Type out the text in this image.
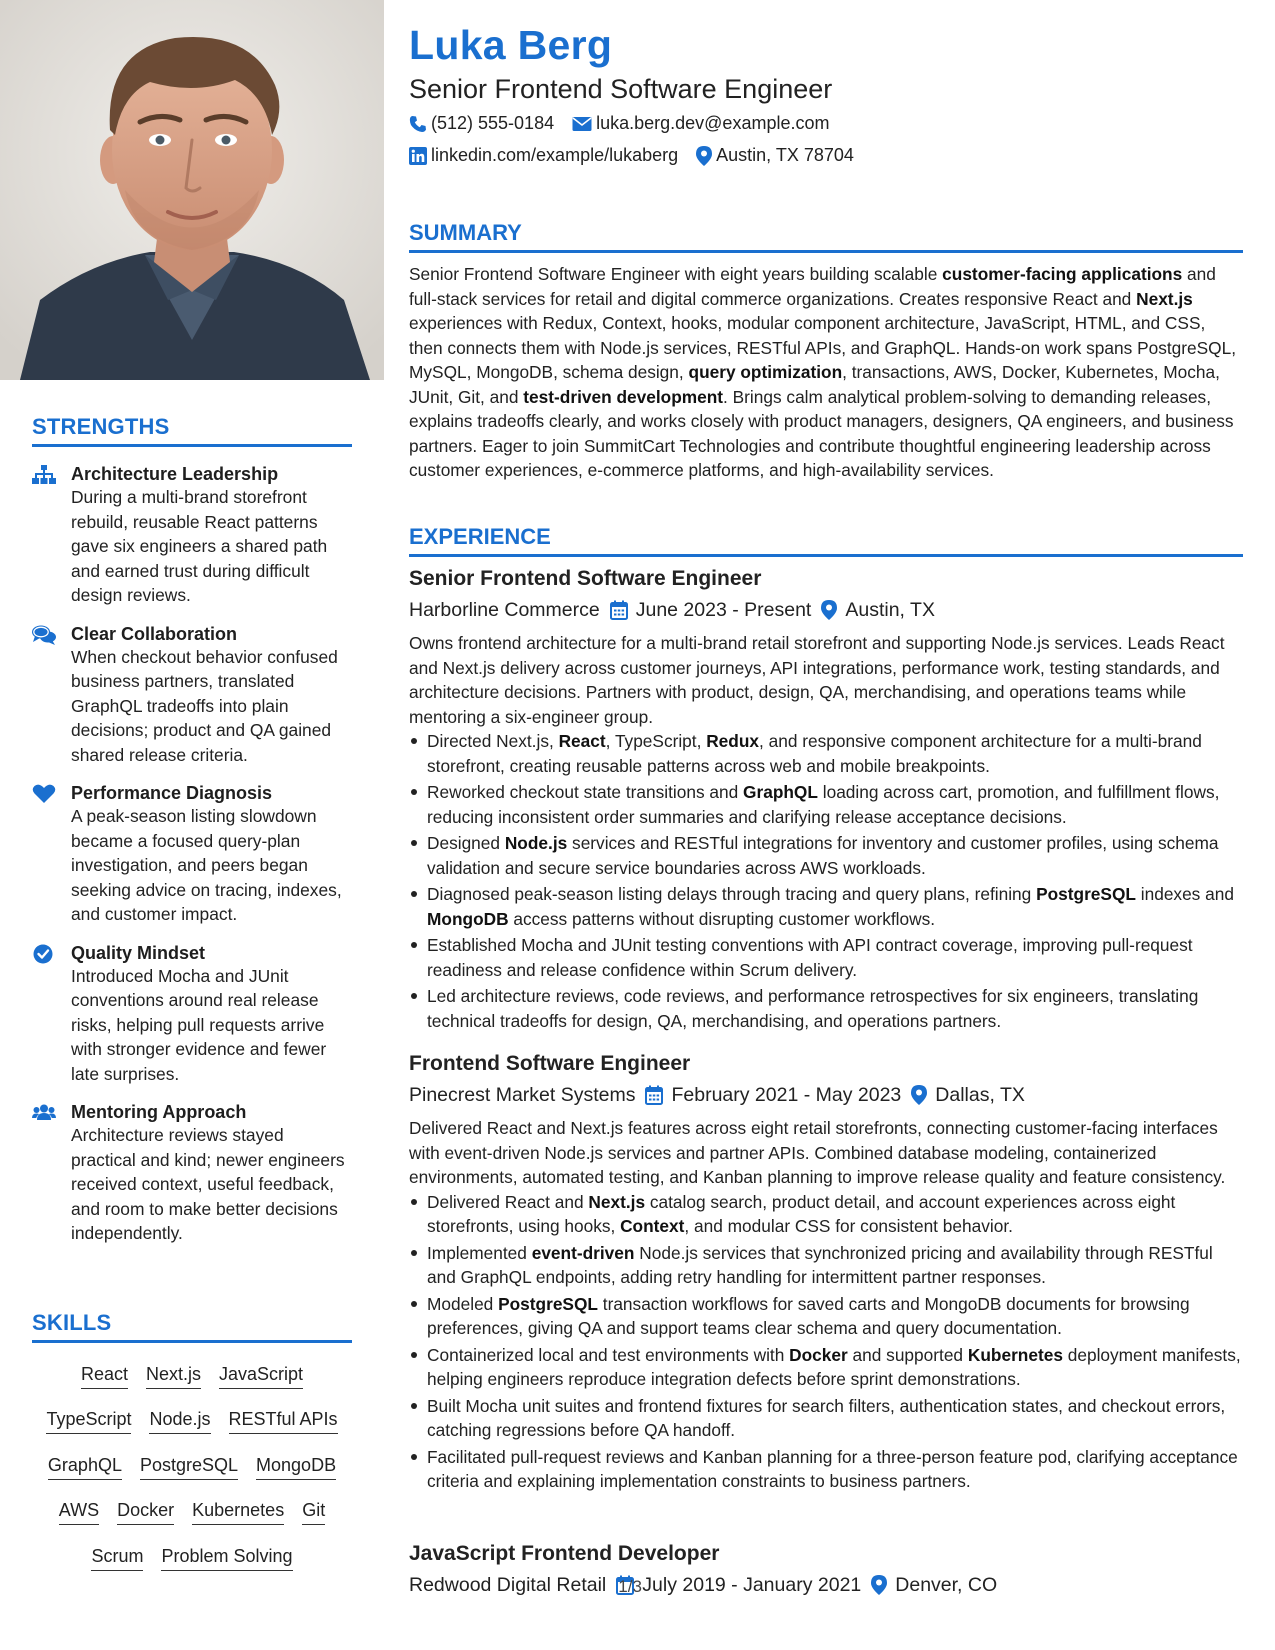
STRENGTHS
Architecture Leadership
During a multi-brand storefront rebuild, reusable React patterns gave six engineers a shared path and earned trust during difficult design reviews.
Clear Collaboration
When checkout behavior confused business partners, translated GraphQL tradeoffs into plain decisions; product and QA gained shared release criteria.
Performance Diagnosis
A peak-season listing slowdown became a focused query-plan investigation, and peers began seeking advice on tracing, indexes, and customer impact.
Quality Mindset
Introduced Mocha and JUnit conventions around real release risks, helping pull requests arrive with stronger evidence and fewer late surprises.
Mentoring Approach
Architecture reviews stayed practical and kind; newer engineers received context, useful feedback, and room to make better decisions independently.
SKILLS
React Next.js JavaScript
TypeScript Node.js RESTful APIs
GraphQL PostgreSQL MongoDB
AWS Docker Kubernetes Git
Scrum Problem Solving
Luka Berg
Senior Frontend Software Engineer
(512) 555-0184 luka.berg.dev@example.com
linkedin.com/example/lukaberg Austin, TX 78704
SUMMARY
Senior Frontend Software Engineer with eight years building scalable customer-facing applications and full-stack services for retail and digital commerce organizations. Creates responsive React and Next.js experiences with Redux, Context, hooks, modular component architecture, JavaScript, HTML, and CSS, then connects them with Node.js services, RESTful APIs, and GraphQL. Hands-on work spans PostgreSQL, MySQL, MongoDB, schema design, query optimization, transactions, AWS, Docker, Kubernetes, Mocha, JUnit, Git, and test-driven development. Brings calm analytical problem-solving to demanding releases, explains tradeoffs clearly, and works closely with product managers, designers, QA engineers, and business partners. Eager to join SummitCart Technologies and contribute thoughtful engineering leadership across customer experiences, e-commerce platforms, and high-availability services.
EXPERIENCE
Senior Frontend Software Engineer
Harborline Commerce June 2023 - Present Austin, TX
Owns frontend architecture for a multi-brand retail storefront and supporting Node.js services. Leads React and Next.js delivery across customer journeys, API integrations, performance work, testing standards, and architecture decisions. Partners with product, design, QA, merchandising, and operations teams while mentoring a six-engineer group.
Directed Next.js, React, TypeScript, Redux, and responsive component architecture for a multi-brand storefront, creating reusable patterns across web and mobile breakpoints.
Reworked checkout state transitions and GraphQL loading across cart, promotion, and fulfillment flows, reducing inconsistent order summaries and clarifying release acceptance decisions.
Designed Node.js services and RESTful integrations for inventory and customer profiles, using schema validation and secure service boundaries across AWS workloads.
Diagnosed peak-season listing delays through tracing and query plans, refining PostgreSQL indexes and MongoDB access patterns without disrupting customer workflows.
Established Mocha and JUnit testing conventions with API contract coverage, improving pull-request readiness and release confidence within Scrum delivery.
Led architecture reviews, code reviews, and performance retrospectives for six engineers, translating technical tradeoffs for design, QA, merchandising, and operations partners.
Frontend Software Engineer
Pinecrest Market Systems February 2021 - May 2023 Dallas, TX
Delivered React and Next.js features across eight retail storefronts, connecting customer-facing interfaces with event-driven Node.js services and partner APIs. Combined database modeling, containerized environments, automated testing, and Kanban planning to improve release quality and feature consistency.
Delivered React and Next.js catalog search, product detail, and account experiences across eight storefronts, using hooks, Context, and modular CSS for consistent behavior.
Implemented event-driven Node.js services that synchronized pricing and availability through RESTful and GraphQL endpoints, adding retry handling for intermittent partner responses.
Modeled PostgreSQL transaction workflows for saved carts and MongoDB documents for browsing preferences, giving QA and support teams clear schema and query documentation.
Containerized local and test environments with Docker and supported Kubernetes deployment manifests, helping engineers reproduce integration defects before sprint demonstrations.
Built Mocha unit suites and frontend fixtures for search filters, authentication states, and checkout errors, catching regressions before QA handoff.
Facilitated pull-request reviews and Kanban planning for a three-person feature pod, clarifying acceptance criteria and explaining implementation constraints to business partners.
JavaScript Frontend Developer
Redwood Digital Retail 1/3 July 2019 - January 2021 Denver, CO
